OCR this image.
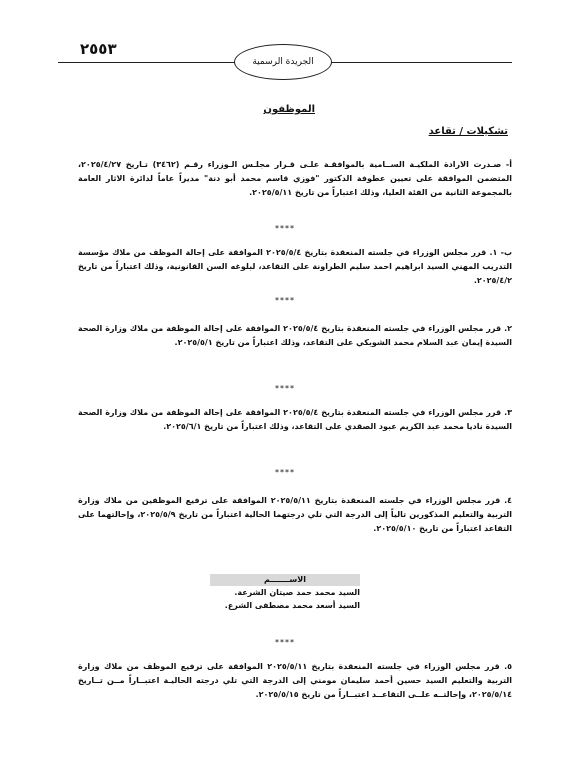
٢٥٥٣
الجريدة الرسمية
الموظفون
تشكيلات / تقاعد
أ- صـدرت الارادة الملكيـة الســامية بالموافقـة علـى قـرار مجلـس الـوزراء رقـم (٣٤٦٢) تـاريخ ٢٠٢٥/٤/٢٧، المتضمن الموافقة على تعيين عطوفة الدكتور "فوزي قاسم محمد أبو دنة" مديراً عاماً لدائرة الاثار العامة بالمجموعة الثانية من الفئة العليا، وذلك اعتباراً من تاريخ ٢٠٢٥/٥/١١.
****
ب- ١. قرر مجلس الوزراء في جلسته المنعقدة بتاريخ ٢٠٢٥/٥/٤ الموافقة على إحالة الموظف من ملاك مؤسسة التدريب المهني السيد ابراهيم احمد سليم الطراونة على التقاعد، لبلوغه السن القانونية، وذلك اعتباراً من تاريخ ٢٠٢٥/٤/٢.
****
٢. قرر مجلس الوزراء في جلسته المنعقدة بتاريخ ٢٠٢٥/٥/٤ الموافقة على إحالة الموظفة من ملاك وزارة الصحة السيدة إيمان عبد السلام محمد الشوبكي على التقاعد، وذلك اعتباراً من تاريخ ٢٠٢٥/٥/١.
****
٣. قرر مجلس الوزراء في جلسته المنعقدة بتاريخ ٢٠٢٥/٥/٤ الموافقة على إحالة الموظفة من ملاك وزارة الصحة السيدة ناديا محمد عبد الكريم عبود الصقدي على التقاعد، وذلك اعتباراً من تاريخ ٢٠٢٥/٦/١.
****
٤. قرر مجلس الوزراء في جلسته المنعقدة بتاريخ ٢٠٢٥/٥/١١ الموافقة على ترفيع الموظفين من ملاك وزارة التربية والتعليم المذكورين تالياً إلى الدرجة التي تلي درجتهما الحالية اعتباراً من تاريخ ٢٠٢٥/٥/٩، وإحالتهما على التقاعد اعتباراً من تاريخ ٢٠٢٥/٥/١٠.
الاســـــــم
السيد محمد حمد صيتان الشرعة.
السيد أسعد محمد مصطفى الشرع.
****
٥. قرر مجلس الوزراء في جلسته المنعقدة بتاريخ ٢٠٢٥/٥/١١ الموافقة على ترفيع الموظف من ملاك وزارة التربية والتعليم السيد حسين أحمد سليمان مومني إلى الدرجة التي تلي درجته الحاليـة اعتبــاراً مــن تــاريخ ٢٠٢٥/٥/١٤، وإحالتــه علــى التقاعــد اعتبــاراً من تاريخ ٢٠٢٥/٥/١٥.
